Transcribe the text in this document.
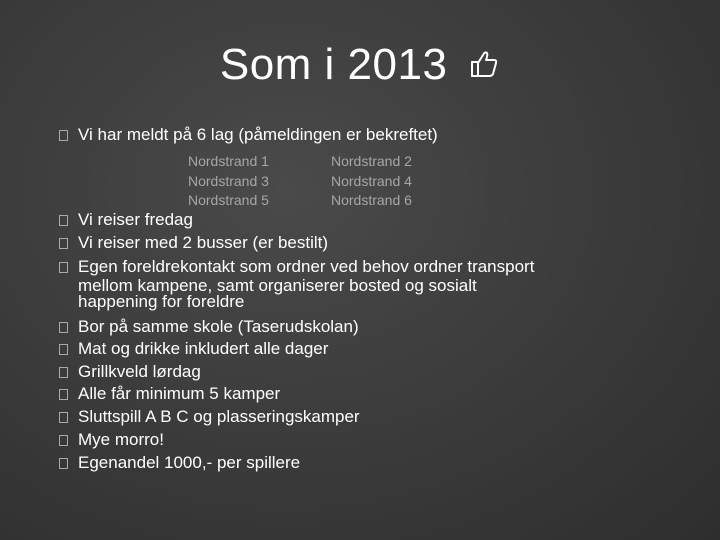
Som i 2013
Vi har meldt på 6 lag (påmeldingen er bekreftet)
Nordstrand 1	Nordstrand 2
Nordstrand 3	Nordstrand 4
Nordstrand 5	Nordstrand 6
Vi reiser fredag
Vi reiser med 2 busser (er bestilt)
Egen foreldrekontakt som ordner ved behov ordner transport
mellom kampene, samt organiserer bosted og sosialt
happening for foreldre
Bor på samme skole (Taserudskolan)
Mat og drikke inkludert alle dager
Grillkveld lørdag
Alle får minimum 5 kamper
Sluttspill A B C og plasseringskamper
Mye morro!
Egenandel 1000,- per spillere
